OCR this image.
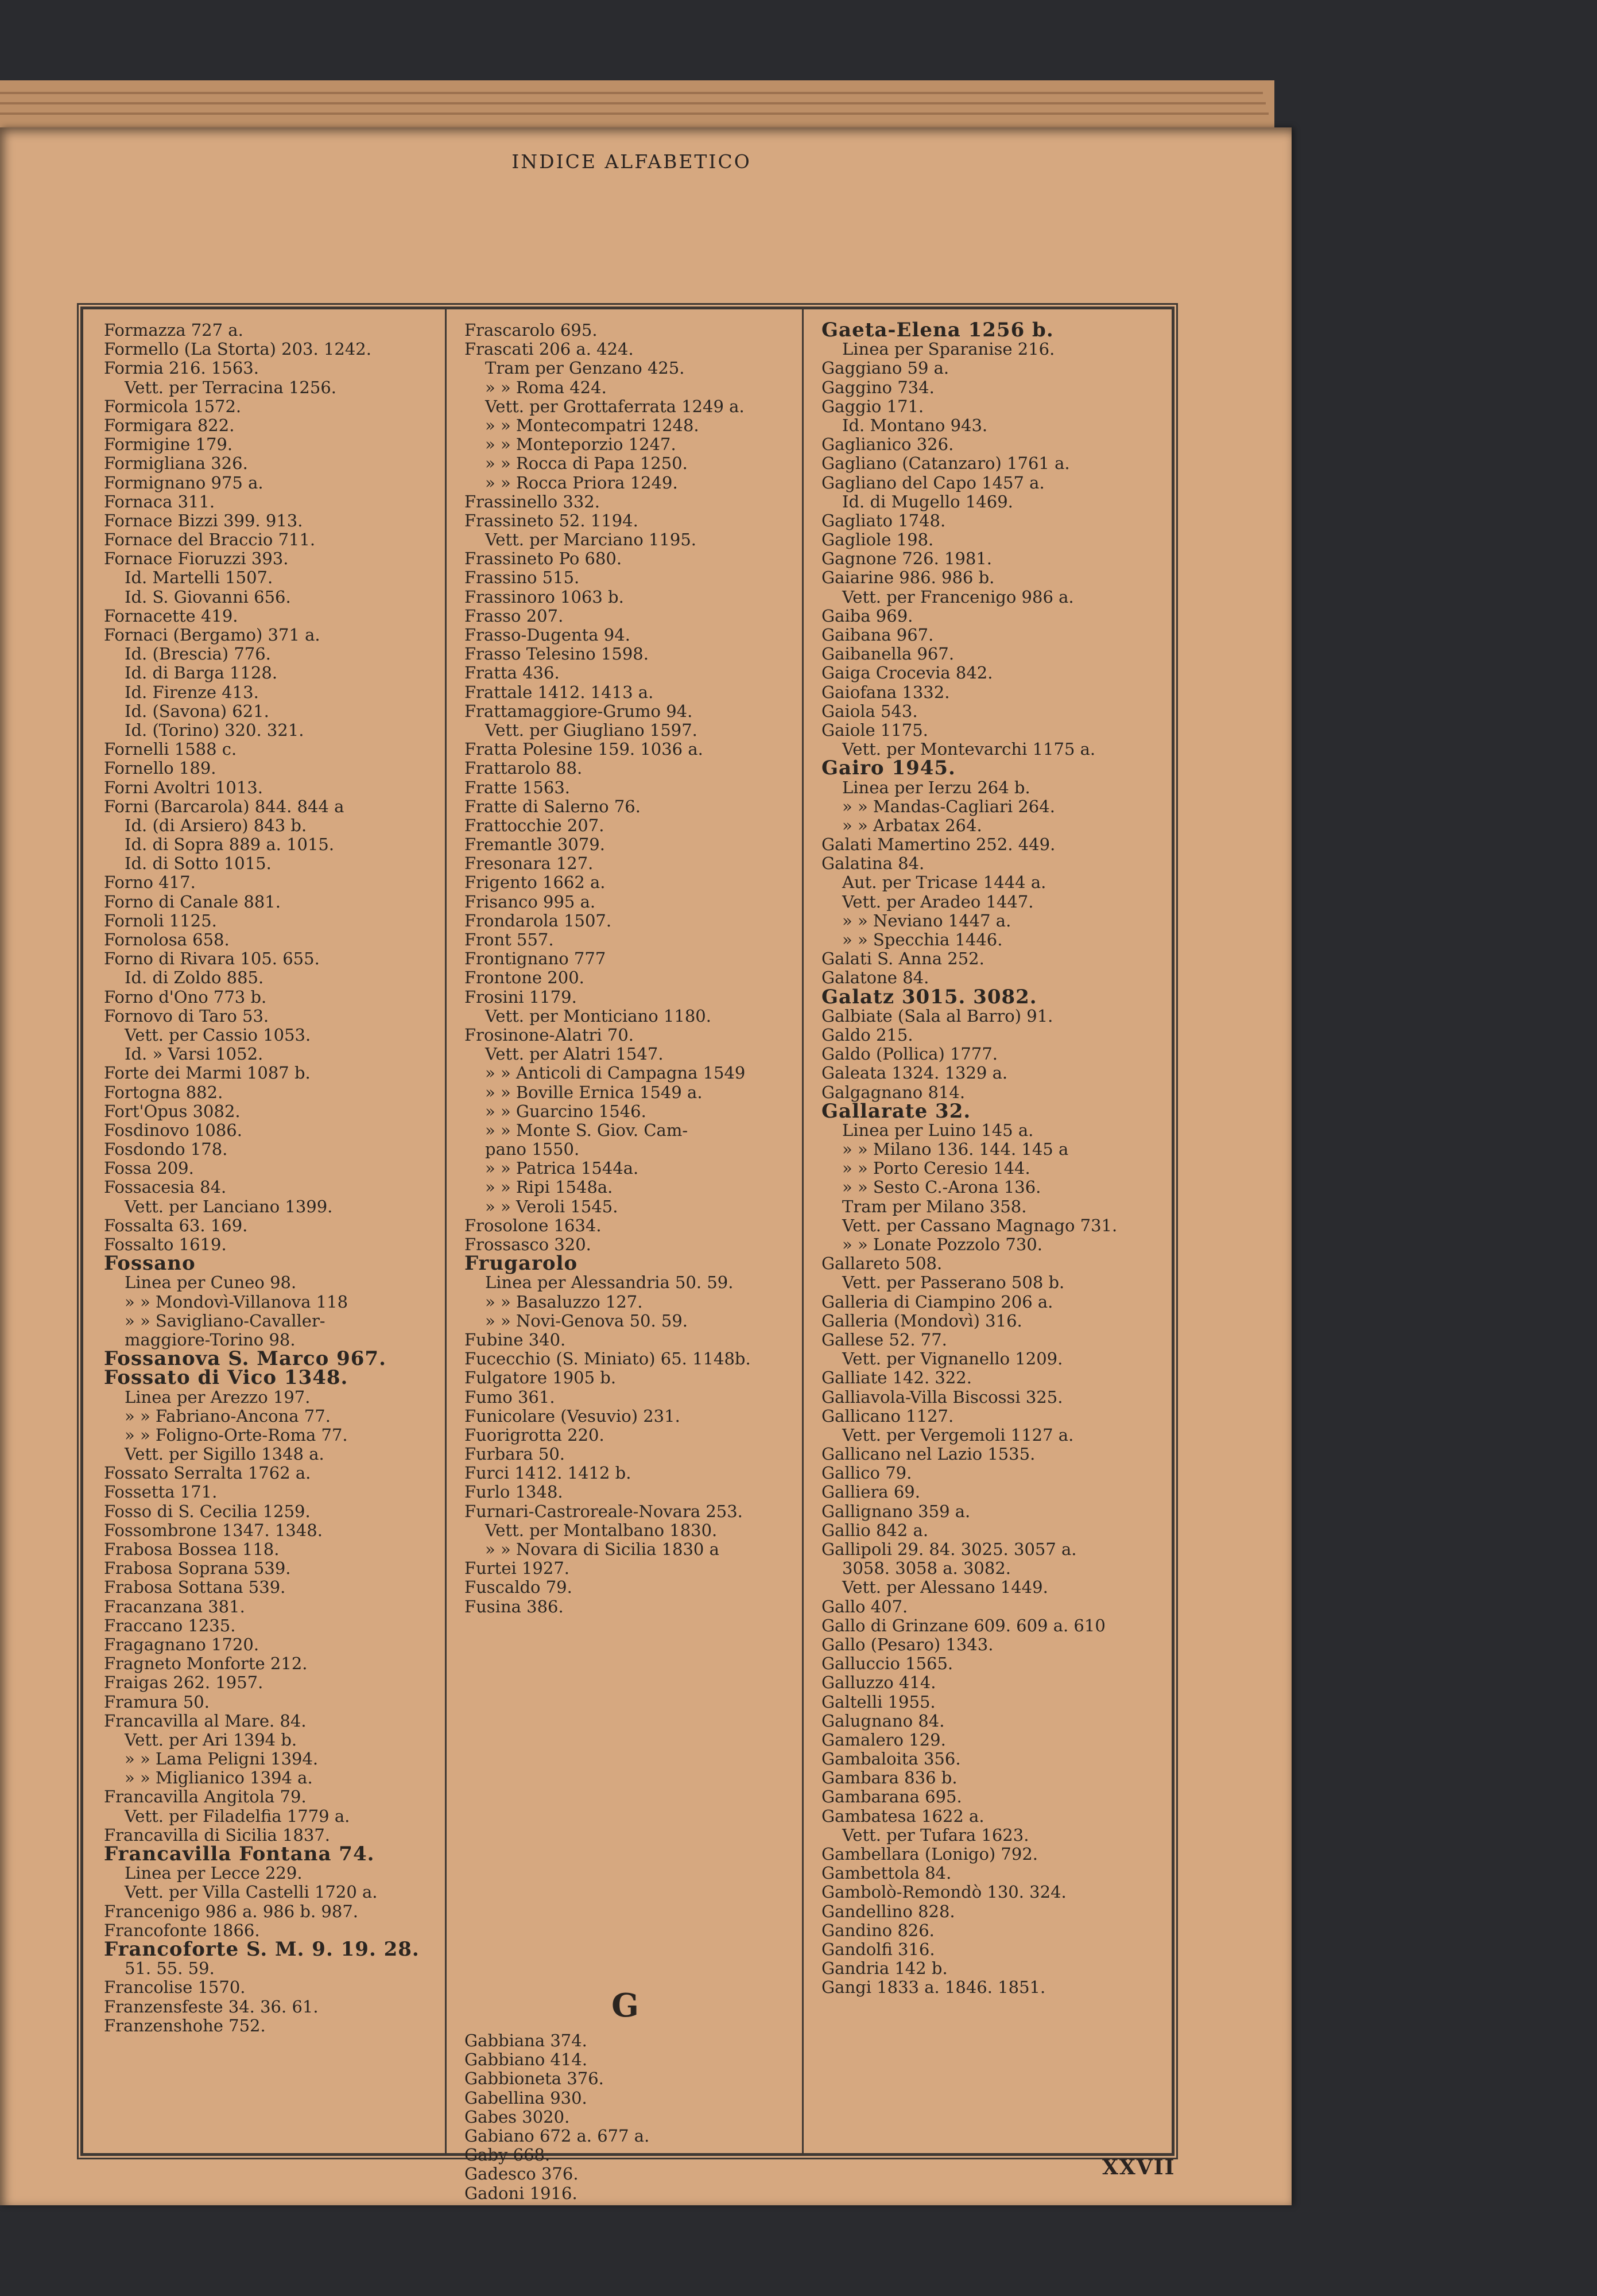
INDICE ALFABETICO
Formazza 727 a.
Formello (La Storta) 203. 1242.
Formia 216. 1563.
Vett. per Terracina 1256.
Formicola 1572.
Formigara 822.
Formigine 179.
Formigliana 326.
Formignano 975 a.
Fornaca 311.
Fornace Bizzi 399. 913.
Fornace del Braccio 711.
Fornace Fioruzzi 393.
Id. Martelli 1507.
Id. S. Giovanni 656.
Fornacette 419.
Fornaci (Bergamo) 371 a.
Id. (Brescia) 776.
Id. di Barga 1128.
Id. Firenze 413.
Id. (Savona) 621.
Id. (Torino) 320. 321.
Fornelli 1588 c.
Fornello 189.
Forni Avoltri 1013.
Forni (Barcarola) 844. 844 a
Id. (di Arsiero) 843 b.
Id. di Sopra 889 a. 1015.
Id. di Sotto 1015.
Forno 417.
Forno di Canale 881.
Fornoli 1125.
Fornolosa 658.
Forno di Rivara 105. 655.
Id. di Zoldo 885.
Forno d'Ono 773 b.
Fornovo di Taro 53.
Vett. per Cassio 1053.
Id. » Varsi 1052.
Forte dei Marmi 1087 b.
Fortogna 882.
Fort'Opus 3082.
Fosdinovo 1086.
Fosdondo 178.
Fossa 209.
Fossacesia 84.
Vett. per Lanciano 1399.
Fossalta 63. 169.
Fossalto 1619.
Fossano
Linea per Cuneo 98.
» » Mondovì-Villanova 118
» » Savigliano-Cavaller-
maggiore-Torino 98.
Fossanova S. Marco 967.
Fossato di Vico 1348.
Linea per Arezzo 197.
» » Fabriano-Ancona 77.
» » Foligno-Orte-Roma 77.
Vett. per Sigillo 1348 a.
Fossato Serralta 1762 a.
Fossetta 171.
Fosso di S. Cecilia 1259.
Fossombrone 1347. 1348.
Frabosa Bossea 118.
Frabosa Soprana 539.
Frabosa Sottana 539.
Fracanzana 381.
Fraccano 1235.
Fragagnano 1720.
Fragneto Monforte 212.
Fraigas 262. 1957.
Framura 50.
Francavilla al Mare. 84.
Vett. per Ari 1394 b.
» » Lama Peligni 1394.
» » Miglianico 1394 a.
Francavilla Angitola 79.
Vett. per Filadelfia 1779 a.
Francavilla di Sicilia 1837.
Francavilla Fontana 74.
Linea per Lecce 229.
Vett. per Villa Castelli 1720 a.
Francenigo 986 a. 986 b. 987.
Francofonte 1866.
Francoforte S. M. 9. 19. 28.
51. 55. 59.
Francolise 1570.
Franzensfeste 34. 36. 61.
Franzenshohe 752.
Frascarolo 695.
Frascati 206 a. 424.
Tram per Genzano 425.
» » Roma 424.
Vett. per Grottaferrata 1249 a.
» » Montecompatri 1248.
» » Monteporzio 1247.
» » Rocca di Papa 1250.
» » Rocca Priora 1249.
Frassinello 332.
Frassineto 52. 1194.
Vett. per Marciano 1195.
Frassineto Po 680.
Frassino 515.
Frassinoro 1063 b.
Frasso 207.
Frasso-Dugenta 94.
Frasso Telesino 1598.
Fratta 436.
Frattale 1412. 1413 a.
Frattamaggiore-Grumo 94.
Vett. per Giugliano 1597.
Fratta Polesine 159. 1036 a.
Frattarolo 88.
Fratte 1563.
Fratte di Salerno 76.
Frattocchie 207.
Fremantle 3079.
Fresonara 127.
Frigento 1662 a.
Frisanco 995 a.
Frondarola 1507.
Front 557.
Frontignano 777
Frontone 200.
Frosini 1179.
Vett. per Monticiano 1180.
Frosinone-Alatri 70.
Vett. per Alatri 1547.
» » Anticoli di Campagna 1549
» » Boville Ernica 1549 a.
» » Guarcino 1546.
» » Monte S. Giov. Cam-
pano 1550.
» » Patrica 1544a.
» » Ripi 1548a.
» » Veroli 1545.
Frosolone 1634.
Frossasco 320.
Frugarolo
Linea per Alessandria 50. 59.
» » Basaluzzo 127.
» » Novi-Genova 50. 59.
Fubine 340.
Fucecchio (S. Miniato) 65. 1148b.
Fulgatore 1905 b.
Fumo 361.
Funicolare (Vesuvio) 231.
Fuorigrotta 220.
Furbara 50.
Furci 1412. 1412 b.
Furlo 1348.
Furnari-Castroreale-Novara 253.
Vett. per Montalbano 1830.
» » Novara di Sicilia 1830 a
Furtei 1927.
Fuscaldo 79.
Fusina 386.
G
Gabbiana 374.
Gabbiano 414.
Gabbioneta 376.
Gabellina 930.
Gabes 3020.
Gabiano 672 a. 677 a.
Gaby 668.
Gadesco 376.
Gadoni 1916.
Gaeta-Elena 1256 b.
Linea per Sparanise 216.
Gaggiano 59 a.
Gaggino 734.
Gaggio 171.
Id. Montano 943.
Gaglianico 326.
Gagliano (Catanzaro) 1761 a.
Gagliano del Capo 1457 a.
Id. di Mugello 1469.
Gagliato 1748.
Gagliole 198.
Gagnone 726. 1981.
Gaiarine 986. 986 b.
Vett. per Francenigo 986 a.
Gaiba 969.
Gaibana 967.
Gaibanella 967.
Gaiga Crocevia 842.
Gaiofana 1332.
Gaiola 543.
Gaiole 1175.
Vett. per Montevarchi 1175 a.
Gairo 1945.
Linea per Ierzu 264 b.
» » Mandas-Cagliari 264.
» » Arbatax 264.
Galati Mamertino 252. 449.
Galatina 84.
Aut. per Tricase 1444 a.
Vett. per Aradeo 1447.
» » Neviano 1447 a.
» » Specchia 1446.
Galati S. Anna 252.
Galatone 84.
Galatz 3015. 3082.
Galbiate (Sala al Barro) 91.
Galdo 215.
Galdo (Pollica) 1777.
Galeata 1324. 1329 a.
Galgagnano 814.
Gallarate 32.
Linea per Luino 145 a.
» » Milano 136. 144. 145 a
» » Porto Ceresio 144.
» » Sesto C.-Arona 136.
Tram per Milano 358.
Vett. per Cassano Magnago 731.
» » Lonate Pozzolo 730.
Gallareto 508.
Vett. per Passerano 508 b.
Galleria di Ciampino 206 a.
Galleria (Mondovì) 316.
Gallese 52. 77.
Vett. per Vignanello 1209.
Galliate 142. 322.
Galliavola-Villa Biscossi 325.
Gallicano 1127.
Vett. per Vergemoli 1127 a.
Gallicano nel Lazio 1535.
Gallico 79.
Galliera 69.
Gallignano 359 a.
Gallio 842 a.
Gallipoli 29. 84. 3025. 3057 a.
3058. 3058 a. 3082.
Vett. per Alessano 1449.
Gallo 407.
Gallo di Grinzane 609. 609 a. 610
Gallo (Pesaro) 1343.
Galluccio 1565.
Galluzzo 414.
Galtelli 1955.
Galugnano 84.
Gamalero 129.
Gambaloita 356.
Gambara 836 b.
Gambarana 695.
Gambatesa 1622 a.
Vett. per Tufara 1623.
Gambellara (Lonigo) 792.
Gambettola 84.
Gambolò-Remondò 130. 324.
Gandellino 828.
Gandino 826.
Gandolfi 316.
Gandria 142 b.
Gangi 1833 a. 1846. 1851.
XXVII
